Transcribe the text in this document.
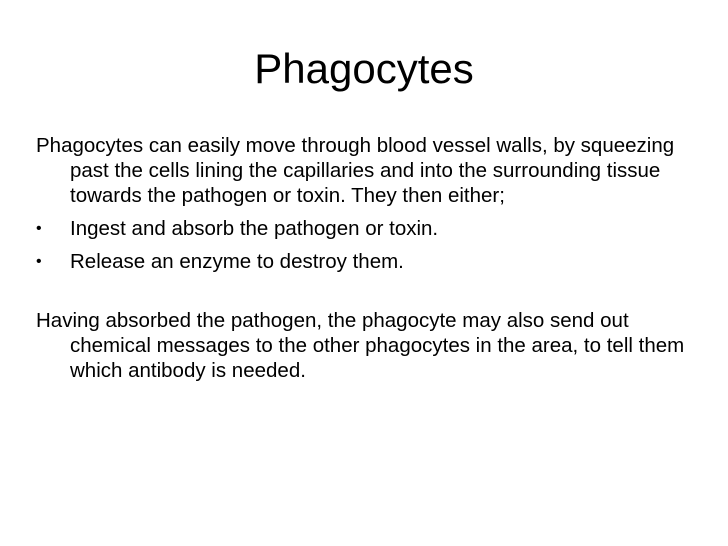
Phagocytes

Phagocytes can easily move through blood vessel walls, by squeezing past the cells lining the capillaries and into the surrounding tissue towards the pathogen or toxin. They then either;

•	Ingest and absorb the pathogen or toxin.
•	Release an enzyme to destroy them.

Having absorbed the pathogen, the phagocyte may also send out chemical messages to the other phagocytes in the area, to tell them which antibody is needed.
